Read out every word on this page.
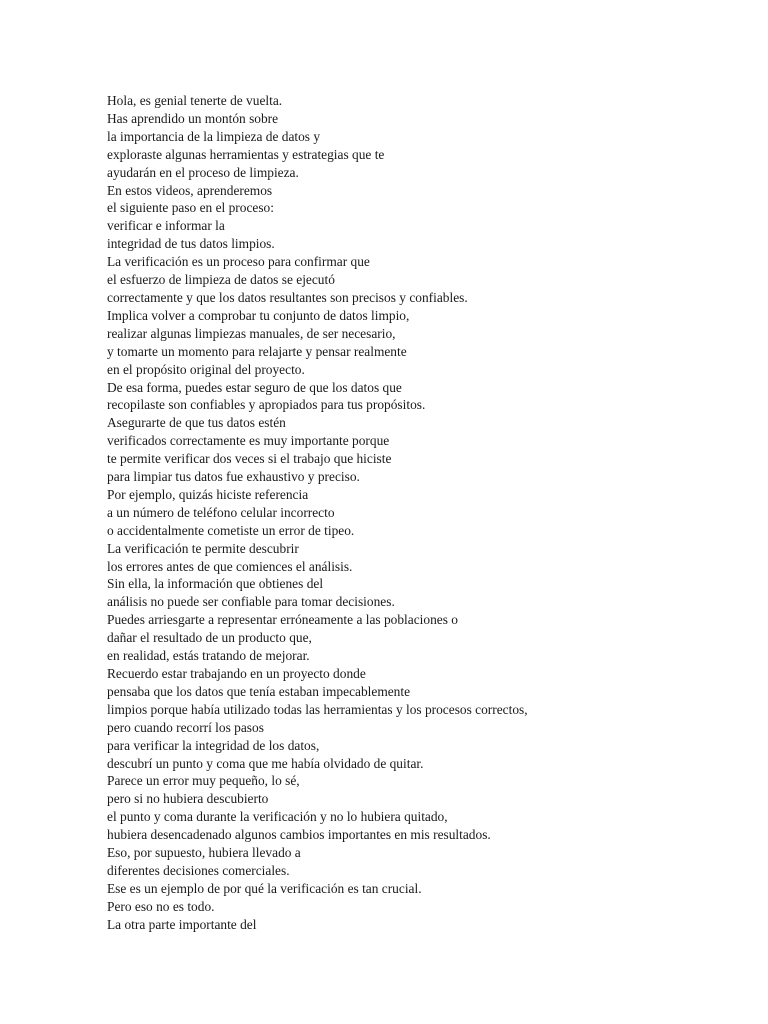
Hola, es genial tenerte de vuelta.
Has aprendido un montón sobre
la importancia de la limpieza de datos y
exploraste algunas herramientas y estrategias que te
ayudarán en el proceso de limpieza.
En estos videos, aprenderemos
el siguiente paso en el proceso:
verificar e informar la
integridad de tus datos limpios.
La verificación es un proceso para confirmar que
el esfuerzo de limpieza de datos se ejecutó
correctamente y que los datos resultantes son precisos y confiables.
Implica volver a comprobar tu conjunto de datos limpio,
realizar algunas limpiezas manuales, de ser necesario,
y tomarte un momento para relajarte y pensar realmente
en el propósito original del proyecto.
De esa forma, puedes estar seguro de que los datos que
recopilaste son confiables y apropiados para tus propósitos.
Asegurarte de que tus datos estén
verificados correctamente es muy importante porque
te permite verificar dos veces si el trabajo que hiciste
para limpiar tus datos fue exhaustivo y preciso.
Por ejemplo, quizás hiciste referencia
a un número de teléfono celular incorrecto
o accidentalmente cometiste un error de tipeo.
La verificación te permite descubrir
los errores antes de que comiences el análisis.
Sin ella, la información que obtienes del
análisis no puede ser confiable para tomar decisiones.
Puedes arriesgarte a representar erróneamente a las poblaciones o
dañar el resultado de un producto que,
en realidad, estás tratando de mejorar.
Recuerdo estar trabajando en un proyecto donde
pensaba que los datos que tenía estaban impecablemente
limpios porque había utilizado todas las herramientas y los procesos correctos,
pero cuando recorrí los pasos
para verificar la integridad de los datos,
descubrí un punto y coma que me había olvidado de quitar.
Parece un error muy pequeño, lo sé,
pero si no hubiera descubierto
el punto y coma durante la verificación y no lo hubiera quitado,
hubiera desencadenado algunos cambios importantes en mis resultados.
Eso, por supuesto, hubiera llevado a
diferentes decisiones comerciales.
Ese es un ejemplo de por qué la verificación es tan crucial.
Pero eso no es todo.
La otra parte importante del
